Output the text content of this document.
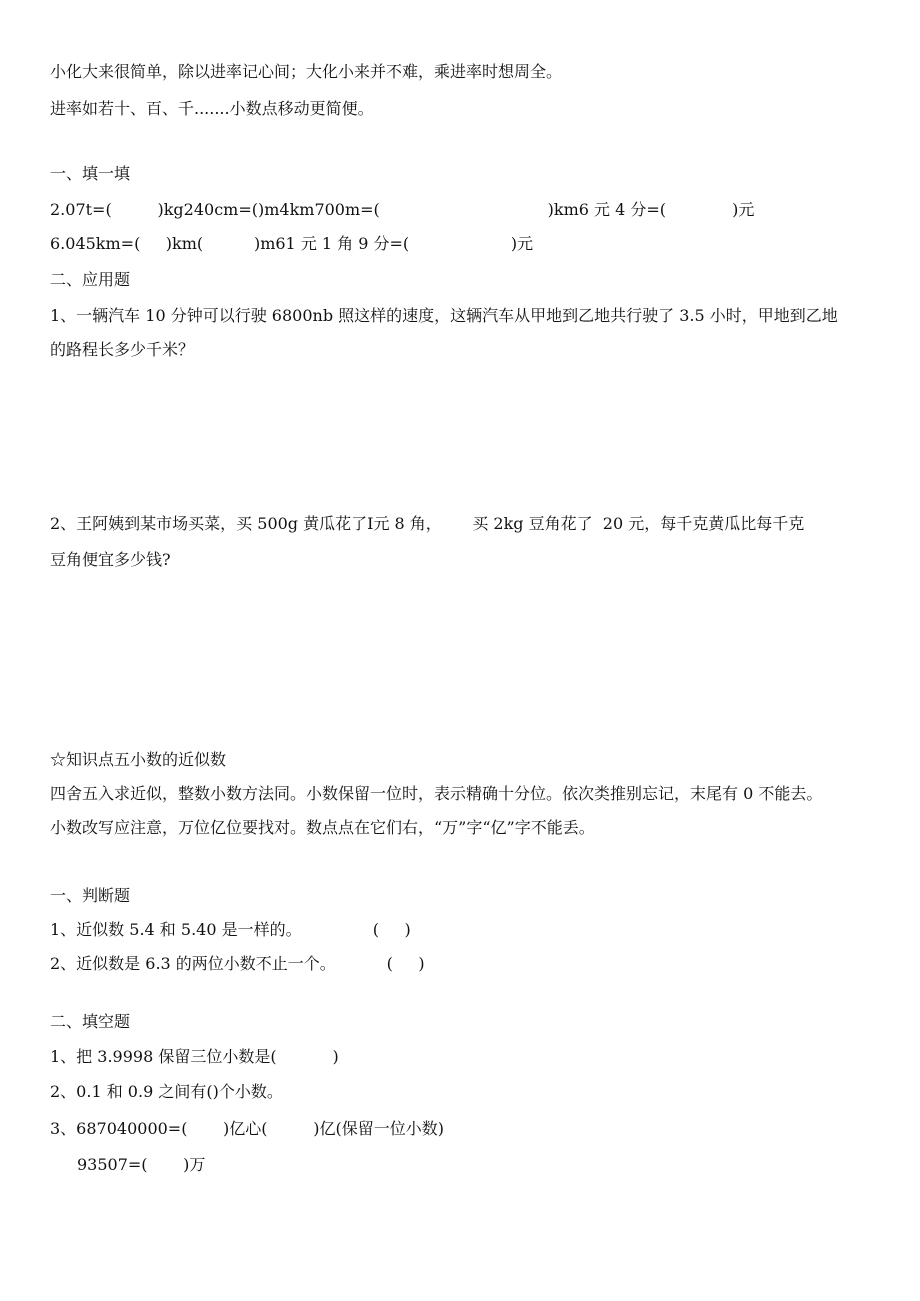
小化大来很简单，除以进率记心间；大化小来并不难，乘进率时想周全。
进率如若十、百、千.......小数点移动更简便。
一、填一填
2.07t=(         )kg240cm=()m4km700m=(                                 )km6 元 4 分=(             )元
6.045km=(     )km(          )m61 元 1 角 9 分=(                    )元
二、应用题
1、一辆汽车 10 分钟可以行驶 6800nb 照这样的速度，这辆汽车从甲地到乙地共行驶了 3.5 小时，甲地到乙地
的路程长多少千米？
2、王阿姨到某市场买菜，买 500g 黄瓜花了Ⅰ元 8 角，      买 2kg 豆角花了  20 元，每千克黄瓜比每千克
豆角便宜多少钱?
☆知识点五小数的近似数
四舍五入求近似，整数小数方法同。小数保留一位时，表示精确十分位。依次类推别忘记，末尾有 0 不能去。
小数改写应注意，万位亿位要找对。数点点在它们右，“万”字“亿”字不能丢。
一、判断题
1、近似数 5.4 和 5.40 是一样的。              (     )
2、近似数是 6.3 的两位小数不止一个。          (     )
二、填空题
1、把 3.9998 保留三位小数是(           )
2、0.1 和 0.9 之间有()个小数。
3、687040000=(       )亿心(         )亿(保留一位小数)
93507=(       )万
